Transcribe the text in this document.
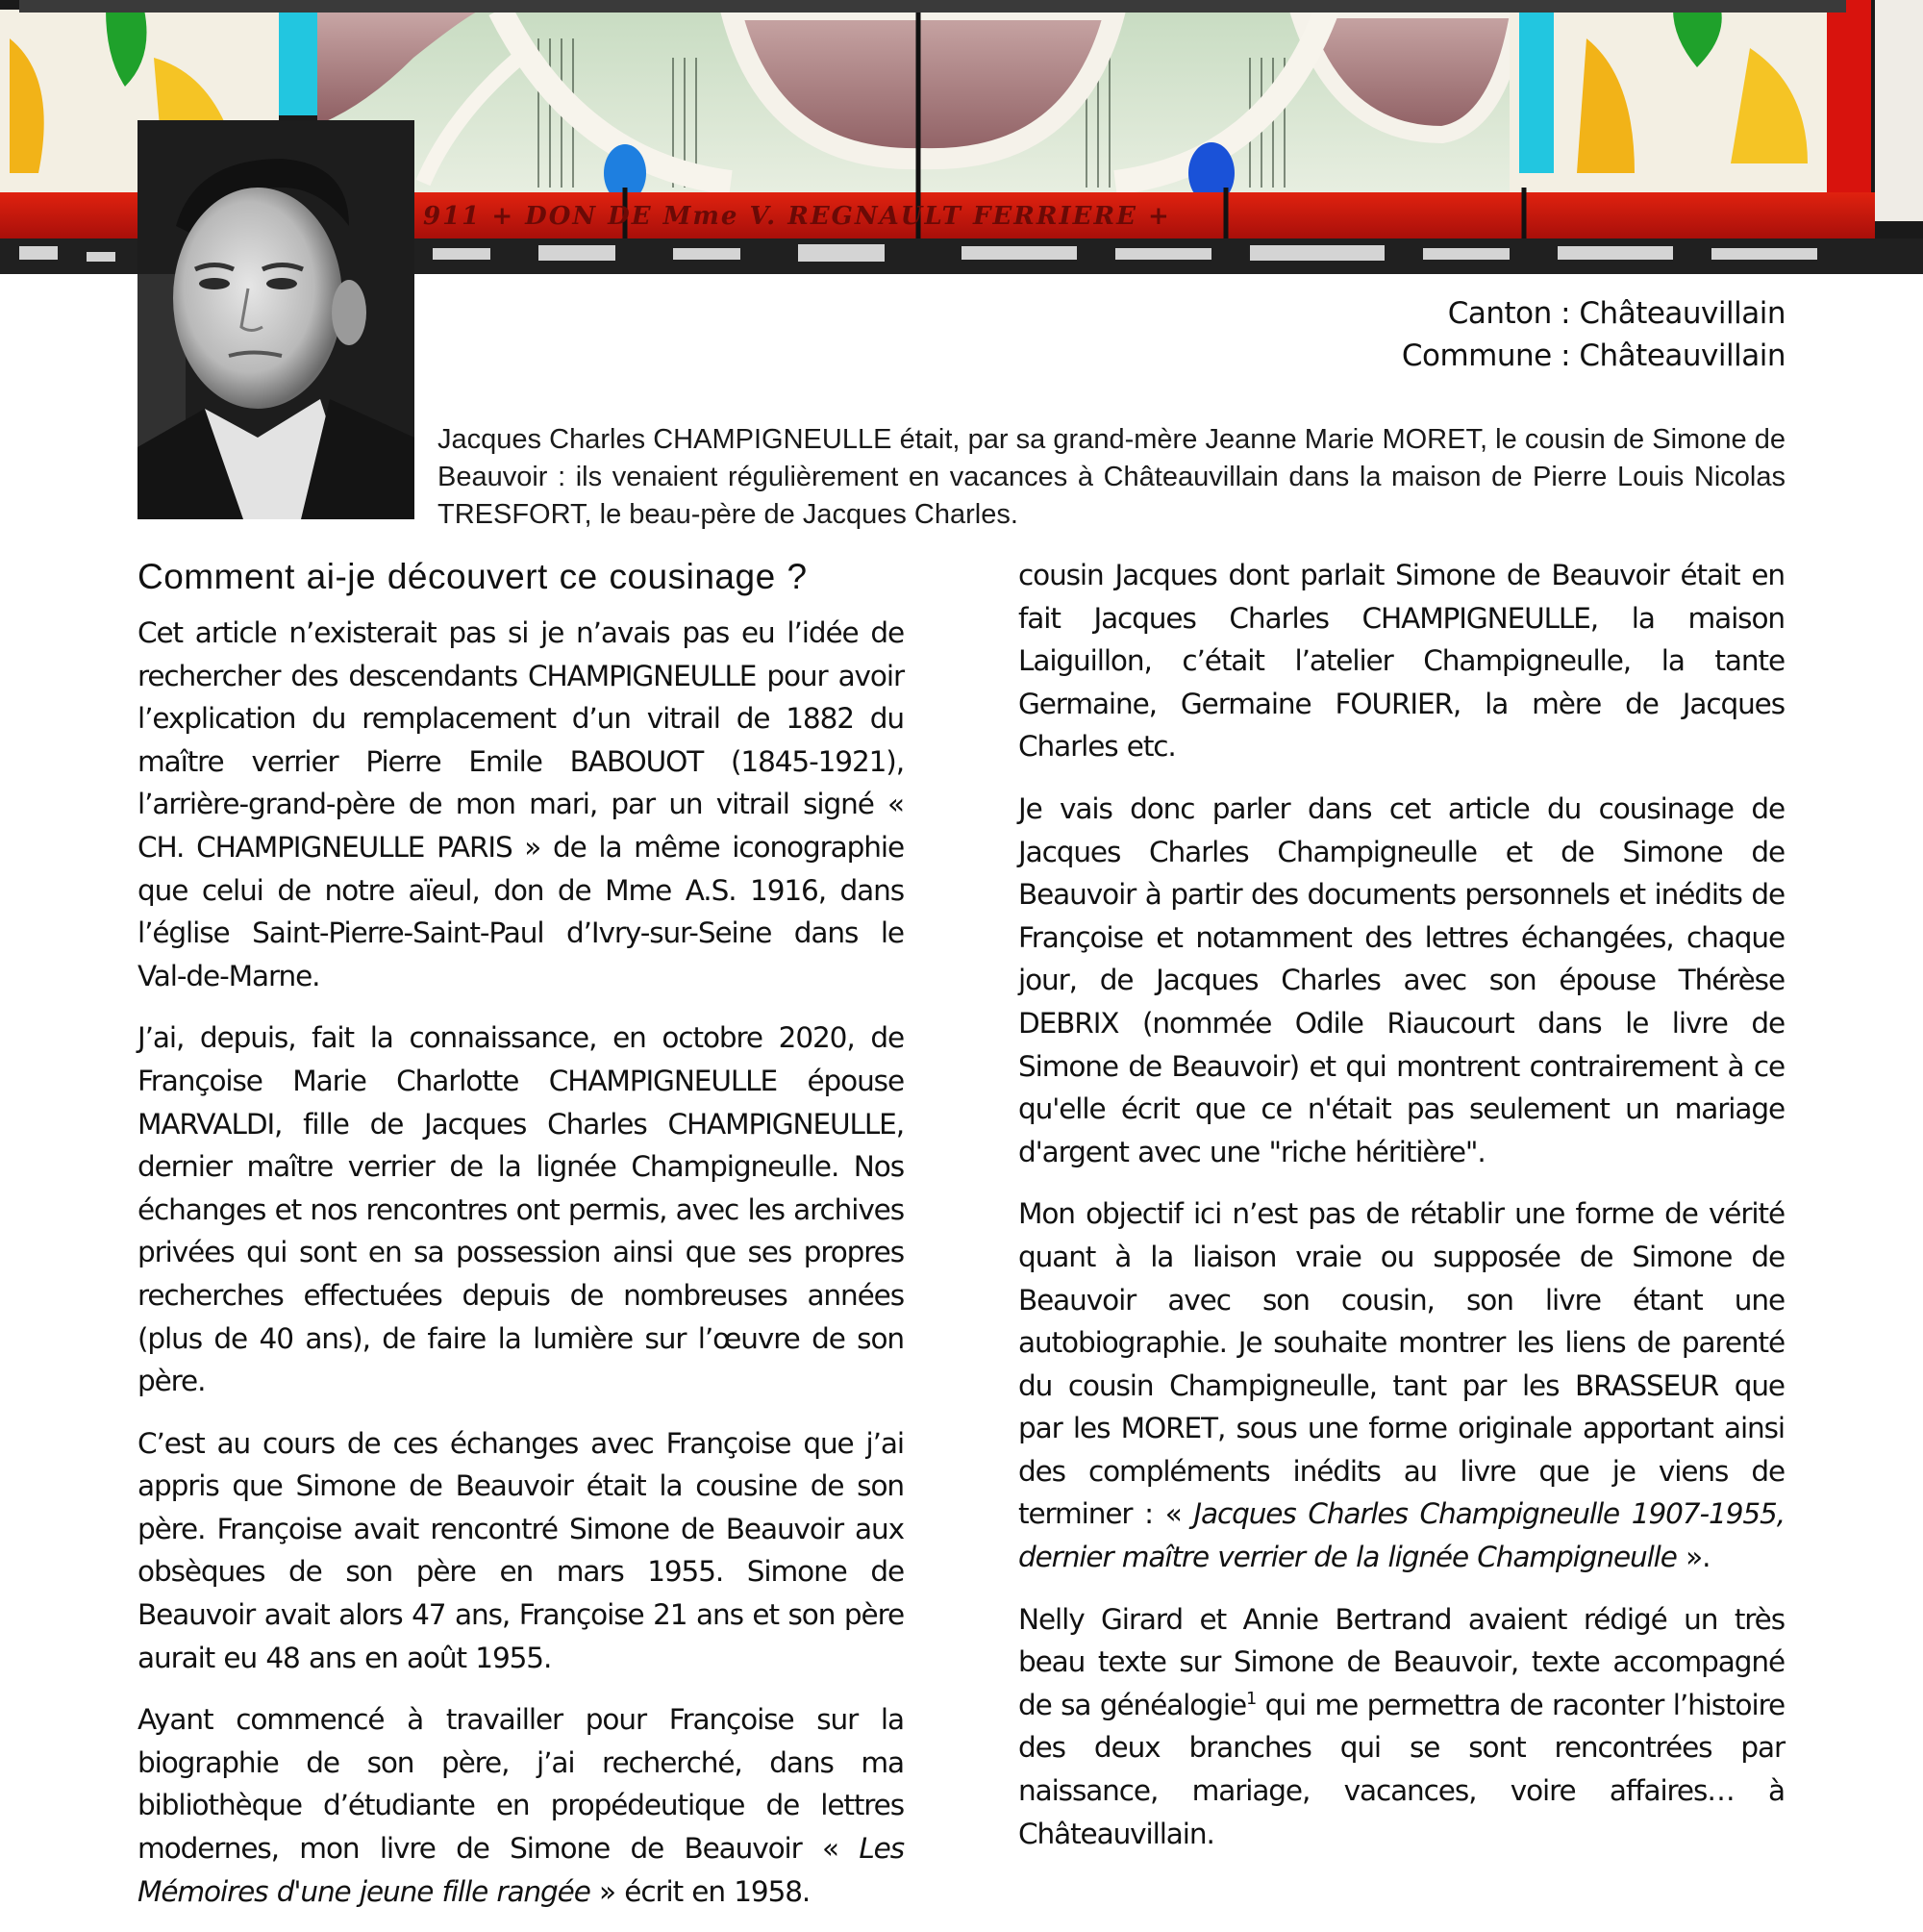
911 + DON DE Mme V. REGNAULT FERRIERE +
Canton : Châteauvillain
Commune : Châteauvillain
Jacques Charles CHAMPIGNEULLE était, par sa grand-mère Jeanne Marie MORET, le cousin de Simone de Beauvoir : ils venaient régulièrement en vacances à Châteauvillain dans la maison de Pierre Louis Nicolas TRESFORT, le beau-père de Jacques Charles.
Comment ai-je découvert ce cousinage ?

Cet article n’existerait pas si je n’avais pas eu l’idée de rechercher des descendants CHAMPIGNEULLE pour avoir l’explication du remplacement d’un vitrail de 1882 du maître verrier Pierre Emile BABOUOT (1845-1921), l’arrière-grand-père de mon mari, par un vitrail signé « CH. CHAMPIGNEULLE PARIS » de la même iconographie que celui de notre aïeul, don de Mme A.S. 1916, dans l’église Saint-Pierre-Saint-Paul d’Ivry-sur-Seine dans le Val-de-Marne.

J’ai, depuis, fait la connaissance, en octobre 2020, de Françoise Marie Charlotte CHAMPIGNEULLE épouse MARVALDI, fille de Jacques Charles CHAMPIGNEULLE, dernier maître verrier de la lignée Champigneulle. Nos échanges et nos rencontres ont permis, avec les archives privées qui sont en sa possession ainsi que ses propres recherches effectuées depuis de nombreuses années (plus de 40 ans), de faire la lumière sur l’œuvre de son père.

C’est au cours de ces échanges avec Françoise que j’ai appris que Simone de Beauvoir était la cousine de son père. Françoise avait rencontré Simone de Beauvoir aux obsèques de son père en mars 1955. Simone de Beauvoir avait alors 47 ans, Françoise 21 ans et son père aurait eu 48 ans en août 1955.

Ayant commencé à travailler pour Françoise sur la biographie de son père, j’ai recherché, dans ma bibliothèque d’étudiante en propédeutique de lettres modernes, mon livre de Simone de Beauvoir « Les Mémoires d'une jeune fille rangée » écrit en 1958.

cousin Jacques dont parlait Simone de Beauvoir était en fait Jacques Charles CHAMPIGNEULLE, la maison Laiguillon, c’était l’atelier Champigneulle, la tante Germaine, Germaine FOURIER, la mère de Jacques Charles etc.

Je vais donc parler dans cet article du cousinage de Jacques Charles Champigneulle et de Simone de Beauvoir à partir des documents personnels et inédits de Françoise et notamment des lettres échangées, chaque jour, de Jacques Charles avec son épouse Thérèse DEBRIX (nommée Odile Riaucourt dans le livre de Simone de Beauvoir) et qui montrent contrairement à ce qu'elle écrit que ce n'était pas seulement un mariage d'argent avec une "riche héritière".

Mon objectif ici n’est pas de rétablir une forme de vérité quant à la liaison vraie ou supposée de Simone de Beauvoir avec son cousin, son livre étant une autobiographie. Je souhaite montrer les liens de parenté du cousin Champigneulle, tant par les BRASSEUR que par les MORET, sous une forme originale apportant ainsi des compléments inédits au livre que je viens de terminer : « Jacques Charles Champigneulle 1907-1955, dernier maître verrier de la lignée Champigneulle ».

Nelly Girard et Annie Bertrand avaient rédigé un très beau texte sur Simone de Beauvoir, texte accompagné de sa généalogie$^1$ qui me permettra de raconter l’histoire des deux branches qui se sont rencontrées par naissance, mariage, vacances, voire affaires… à Châteauvillain.
